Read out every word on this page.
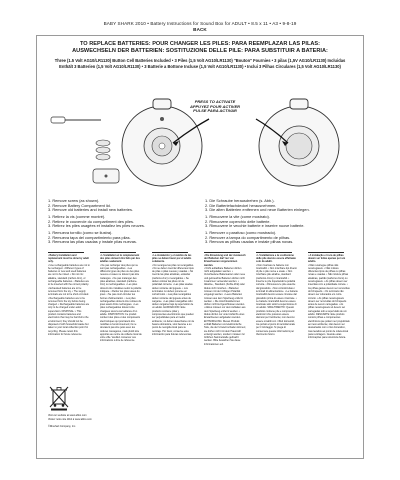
BABY SHARK 2010 • Battery Instructions for Sound Box for ADULT • 8.5 x 11 • A3 • 9-8-19
BACK
TO REPLACE BATTERIES: POUR CHANGER LES PILES: PARA REEMPLAZAR LAS PILAS:
AUSWECHSELN DER BATTERIEN: SOSTITUZIONE DELLE PILE: PARA SUBSTITUIR A BATERIA:
Three (1.5 Volt AG10/LR1130) Button Cell Batteries Included • 3 Piles (1,5 Volt AG10/LR1130) "Bouton" Fournies • 3 pilas (1,5V AG10/LR1130) Incluidas
Enthält 3 Batterien (1,5 Volt AG10/LR1130) • 3 Batterie a Bottone Incluse (1,5 Volt AG10/LR1130) • Inclui 3 Pilhas Circulares (1,5 Volt AG10/LR1130)
PRESS TO ACTIVATE
APPUYEZ POUR ACTIVER
PULSE PARA ACTIVAR
1. Remove screw (as shown).
2. Remove Battery Compartment lid.
3. Remove old batteries and install new batteries.
1. Retirez la vis (comme montré).
2. Retirez le couvercle du compartiment des piles.
3. Retirez les piles usagées et installez les piles neuves.
1. Remueva tornillo (como se ilustra).
2. Remueva tapa del compartimiento para pilas.
3. Remueva las pilas usadas y instale pilas nuevas.
1. Die Schraube herausdrehen (s. Abb.).
2. Die Batteriefachdeckel herausnehmen.
3. Die alten Batterien entfernen und neue Batterien einlegen.
1. Rimuovere la vite (come mostrato).
2. Rimuovere coperchio delle batterie.
3. Rimuovere le vecchie batterie e inserire nuove batterie.
1. Remover o parafuso (como mostrado).
2. Remover a tampa do compartimento de pilhas.
3. Remova as pilhas usadas e instale pilhas novas.
• Battery Installation and replacement must be done by adult only.
• Use rechargeable batteries are not to be recharged. • Different types of batteries or new and used batteries are not to be mixed. • Do not mix alkaline, standard (carbon-zinc), or rechargeable batteries. • Batteries are to be inserted with the correct polarity. • Exhausted batteries are to be removed from the toy. • The supply terminals are not to be short-circuited. • Rechargeable batteries are to be removed from the toy before being charged. • Rechargeable batteries are only to be charged under adult supervision. DISPOSAL: • This product contains batteries and electronics that may be harmful to the environment; they should not be disposed of with household waste but taken to your local collection point for recycling. Please retain this information for future reference.
• L'installation et le remplacement des piles doivent être faits par des adultes seulement.
• Ne pas recharger des piles qui ne sont pas rechargeables. • Les différents types de piles ou des piles neuves et usées ne doivent pas être mélangés. • Ne pas mélanger des piles alcalines, standard (carbone-zinc) ou rechargeables. • Les piles doivent être installées selon la polarité indiquée. • Retirer les piles usées du jouet. • Ne pas court-circuiter les bornes d'alimentation. • Les piles rechargeables doivent être retirées du jouet avant d'être rechargées. • Les piles rechargeables doivent être chargées sous la surveillance d'un adulte. DISPOSITION: Ce produit contient des piles et des composants électroniques qui pourraient être nuisibles à l'environnement; ils ne devraient pas être jetés avec les ordures ménagères, mais plutôt être apportés au centre de collecte local de votre ville. Veuillez conserver ces informations à titre de référence.
• La instalación y el cambio de las pilas se deben hacer por el adulto solamente.
• No recargue las pilas no recargables. • No se deben mezclar diferentes tipos de pilas o pilas nuevas y usadas. • No mezcle las pilas alcalinas, estándar (carbono-zinc) o recargables. • Se deben colocar las pilas con la polaridad correcta. • Las pilas usadas deben retirarse del juguete. • Los terminales no deben ponerse en cortocircuito. • Las pilas recargables deben retirarse del juguete antes de cargarse. • Las pilas recargables sólo deben cargarse bajo la supervisión de un adulto. ELIMINACIÓN: Este producto contiene pilas y componentes electrónicos que pueden ser perjudiciales para el medio ambiente; no deben desecharse con la basura doméstica, sino llevarse a su punto de recogida local para su reciclaje. Por favor, conserve esta información para futuras referencias.
• Die Einsetzung und der Austausch der Batterien darf nur von Erwachsenen vorgenommen werden.
• Nicht aufladbare Batterien dürfen nicht aufgeladen werden. • Verschiedene Batteriearten oder neue und gebrauchte Batterien dürfen nicht zusammen verwendet werden. • Alkaline-, Standard- (Kohle-Zink) oder Akkus nicht mischen. • Batterien müssen mit der richtigen Polarität eingelegt werden. • Leere Batterien müssen aus dem Spielzeug entfernt werden. • Die Anschlussklemmen dürfen nicht kurzgeschlossen werden. • Akkus müssen vor dem Aufladen aus dem Spielzeug entfernt werden. • Akkus dürfen nur unter Aufsicht eines Erwachsenen aufgeladen werden. ENTSORGUNG: Dieses Produkt enthält Batterien und elektronische Teile, die der Umwelt schaden können; sie dürfen nicht mit dem Hausmüll entsorgt werden, sondern müssen zur örtlichen Sammelstelle gebracht werden. Bitte bewahren Sie diese Informationen auf.
• L'installazione e la sostituzione delle pile devono essere effettuate solo da adulti.
• Non ricaricare le batterie non ricaricabili. • Non mischiare tipi diversi di pile o pile nuove e usate. • Non mischiare pile alcaline, standard (carbonio-zinco) o ricaricabili. • Inserire le pile rispettando la polarità corretta. • Rimuovere le pile esaurite dal giocattolo. • Non cortocircuitare i terminali di alimentazione. • Le batterie ricaricabili devono essere rimosse dal giocattolo prima di essere ricaricate. • Le batterie ricaricabili devono essere ricaricate solo sotto la supervisione di un adulto. SMALTIMENTO: Questo prodotto contiene pile e componenti elettronici che possono essere dannosi per l'ambiente; non devono essere smaltiti con i rifiuti domestici, ma portati al punto di raccolta locale per il riciclaggio. Si prega di conservare queste informazioni per riferimento futuro.
• A instalação e troca de pilhas devem ser feitas apenas por um adulto.
• Não recarregue pilhas não recarregáveis. • Não misture diferentes tipos de pilhas ou pilhas novas e usadas. • Não misture pilhas alcalinas, padrão (carbono-zinco) ou recarregáveis. • As pilhas devem ser inseridas com a polaridade correta. • As pilhas gastas devem ser removidas do brinquedo. • Os terminais não devem ser colocados em curto-circuito. • As pilhas recarregáveis devem ser removidas do brinquedo antes de serem carregadas. • As pilhas recarregáveis só devem ser carregadas sob a supervisão de um adulto. DESCARTE: Este produto contém pilhas e componentes eletrônicos que podem ser prejudiciais ao meio ambiente; não devem ser descartados com o lixo doméstico, mas levados ao ponto de coleta local para reciclagem. Guarde estas informações para referência futura.
Visit our website at www.abbo.com
Visitez notre site Web à www.abbo.com
©Rinehart Company, Inc.
